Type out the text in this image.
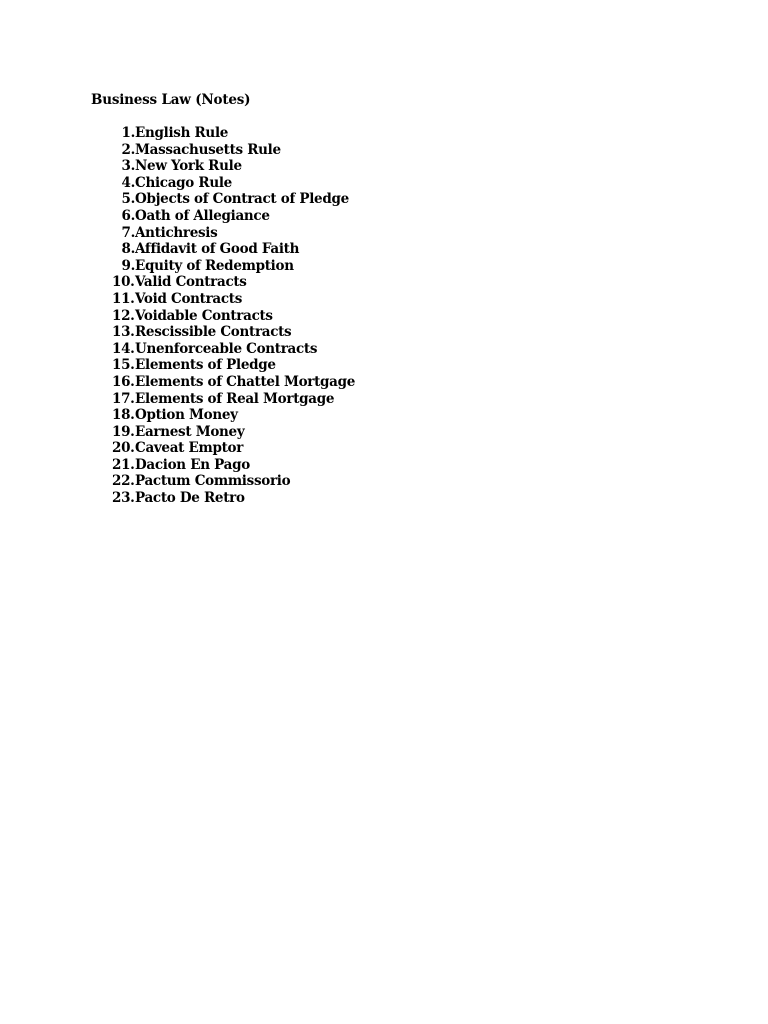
Business Law (Notes)
1. English Rule
2. Massachusetts Rule
3. New York Rule
4. Chicago Rule
5. Objects of Contract of Pledge
6. Oath of Allegiance
7. Antichresis
8. Affidavit of Good Faith
9. Equity of Redemption
10. Valid Contracts
11. Void Contracts
12. Voidable Contracts
13. Rescissible Contracts
14. Unenforceable Contracts
15. Elements of Pledge
16. Elements of Chattel Mortgage
17. Elements of Real Mortgage
18. Option Money
19. Earnest Money
20. Caveat Emptor
21. Dacion En Pago
22. Pactum Commissorio
23. Pacto De Retro
